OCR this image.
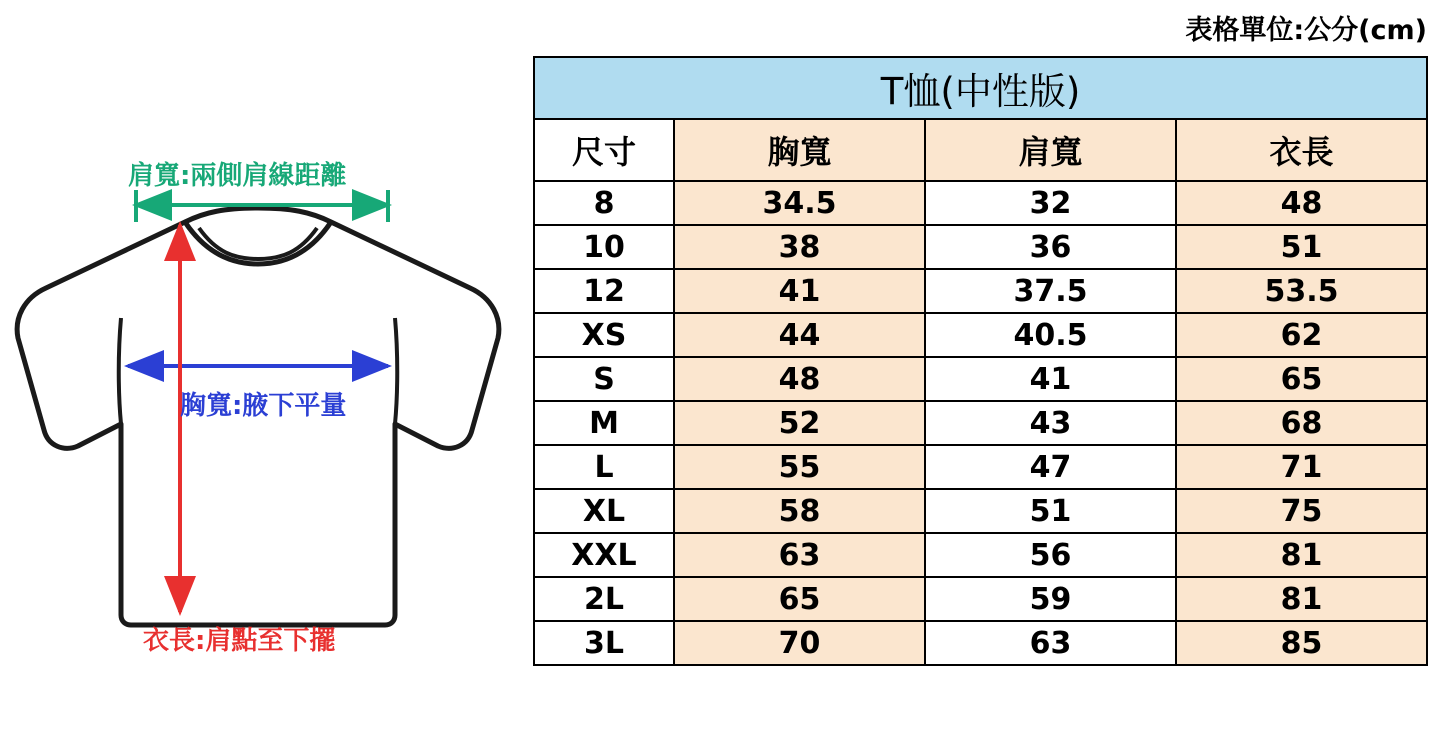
肩寬:兩側肩線距離
胸寬:腋下平量
衣長:肩點至下擺
表格單位:公分(cm)
T恤(中性版)			
尺寸	胸寬	肩寬	衣長
8	34.5	32	48
10	38	36	51
12	41	37.5	53.5
XS	44	40.5	62
S	48	41	65
M	52	43	68
L	55	47	71
XL	58	51	75
XXL	63	56	81
2L	65	59	81
3L	70	63	85
